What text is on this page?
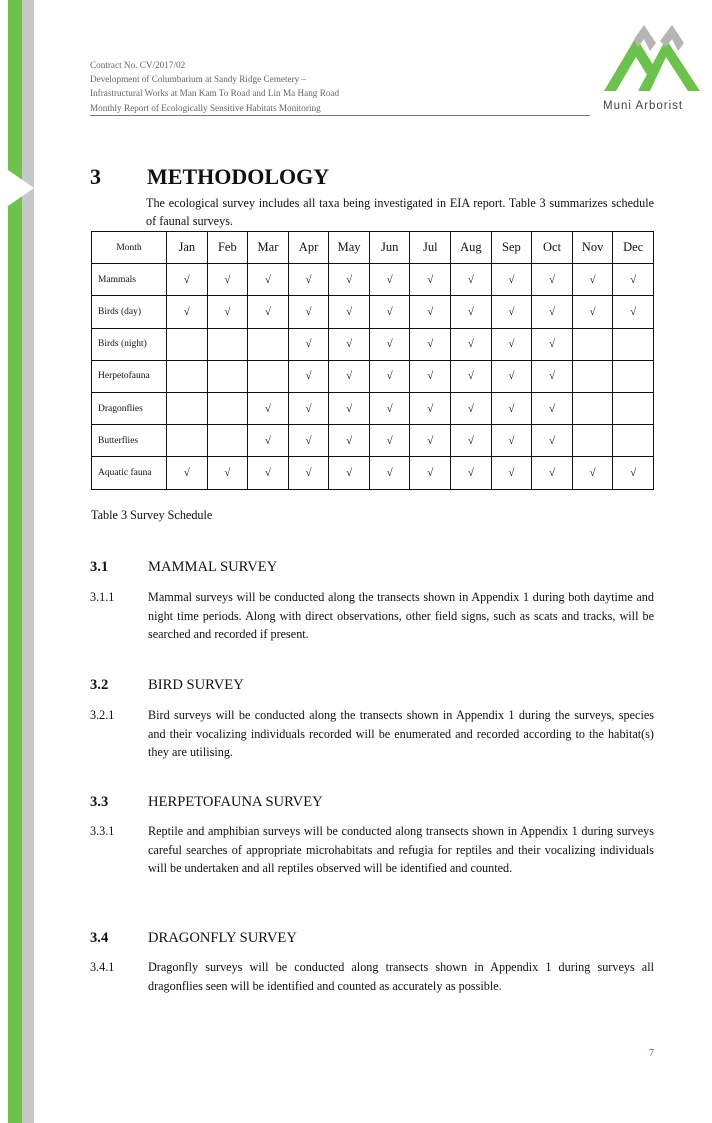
Contract No. CV/2017/02
Development of Columbarium at Sandy Ridge Cemetery –
Infrastructural Works at Man Kam To Road and Lin Ma Hang Road
Monthly Report of Ecologically Sensitive Habitats Monitoring	Muni Arborist
3 METHODOLOGY
The ecological survey includes all taxa being investigated in EIA report. Table 3 summarizes schedule of faunal surveys.
Month	Jan	Feb	Mar	Apr	May	Jun	Jul	Aug	Sep	Oct	Nov	Dec
Mammals	√	√	√	√	√	√	√	√	√	√	√	√
Birds (day)	√	√	√	√	√	√	√	√	√	√	√	√
Birds (night)				√	√	√	√	√	√	√		
Herpetofauna				√	√	√	√	√	√	√		
Dragonflies			√	√	√	√	√	√	√	√		
Butterflies			√	√	√	√	√	√	√	√		
Aquatic fauna	√	√	√	√	√	√	√	√	√	√	√	√
Table 3 Survey Schedule
3.1	MAMMAL SURVEY
3.1.1	Mammal surveys will be conducted along the transects shown in Appendix 1 during both daytime and night time periods. Along with direct observations, other field signs, such as scats and tracks, will be searched and recorded if present.
3.2	BIRD SURVEY
3.2.1	Bird surveys will be conducted along the transects shown in Appendix 1 during the surveys, species and their vocalizing individuals recorded will be enumerated and recorded according to the habitat(s) they are utilising.
3.3	HERPETOFAUNA SURVEY
3.3.1	Reptile and amphibian surveys will be conducted along transects shown in Appendix 1 during surveys careful searches of appropriate microhabitats and refugia for reptiles and their vocalizing individuals will be undertaken and all reptiles observed will be identified and counted.
3.4	DRAGONFLY SURVEY
3.4.1	Dragonfly surveys will be conducted along transects shown in Appendix 1 during surveys all dragonflies seen will be identified and counted as accurately as possible.
7
